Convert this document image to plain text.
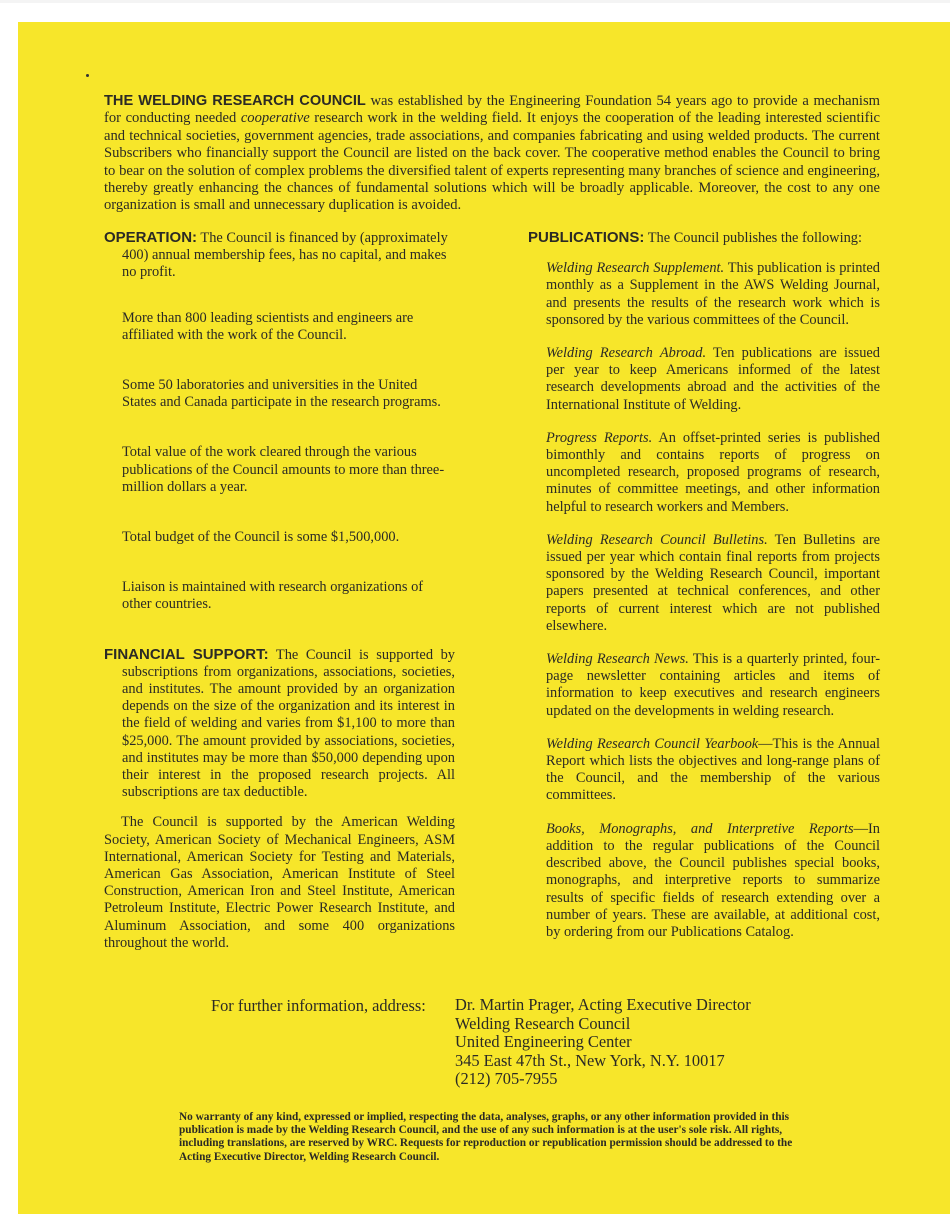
THE WELDING RESEARCH COUNCIL was established by the Engineering Foundation 54 years ago to provide a mechanism for conducting needed cooperative research work in the welding field. It enjoys the cooperation of the leading interested scientific and technical societies, government agencies, trade associations, and companies fabricating and using welded products. The current Subscribers who financially support the Council are listed on the back cover. The cooperative method enables the Council to bring to bear on the solution of complex problems the diversified talent of experts representing many branches of science and engineering, thereby greatly enhancing the chances of fundamental solutions which will be broadly applicable. Moreover, the cost to any one organization is small and unnecessary duplication is avoided.

OPERATION: The Council is financed by (approximately 400) annual membership fees, has no capital, and makes no profit.

More than 800 leading scientists and engineers are affiliated with the work of the Council.

Some 50 laboratories and universities in the United States and Canada participate in the research programs.

Total value of the work cleared through the various publications of the Council amounts to more than three-million dollars a year.

Total budget of the Council is some $1,500,000.

Liaison is maintained with research organizations of other countries.

FINANCIAL SUPPORT: The Council is supported by subscriptions from organizations, associations, societies, and institutes. The amount provided by an organization depends on the size of the organization and its interest in the field of welding and varies from $1,100 to more than $25,000. The amount provided by associations, societies, and institutes may be more than $50,000 depending upon their interest in the proposed research projects. All subscriptions are tax deductible.

The Council is supported by the American Welding Society, American Society of Mechanical Engineers, ASM International, American Society for Testing and Materials, American Gas Association, American Institute of Steel Construction, American Iron and Steel Institute, American Petroleum Institute, Electric Power Research Institute, and Aluminum Association, and some 400 organizations throughout the world.

PUBLICATIONS: The Council publishes the following:

Welding Research Supplement. This publication is printed monthly as a Supplement in the AWS Welding Journal, and presents the results of the research work which is sponsored by the various committees of the Council.

Welding Research Abroad. Ten publications are issued per year to keep Americans informed of the latest research developments abroad and the activities of the International Institute of Welding.

Progress Reports. An offset-printed series is published bimonthly and contains reports of progress on uncompleted research, proposed programs of research, minutes of committee meetings, and other information helpful to research workers and Members.

Welding Research Council Bulletins. Ten Bulletins are issued per year which contain final reports from projects sponsored by the Welding Research Council, important papers presented at technical conferences, and other reports of current interest which are not published elsewhere.

Welding Research News. This is a quarterly printed, four-page newsletter containing articles and items of information to keep executives and research engineers updated on the developments in welding research.

Welding Research Council Yearbook—This is the Annual Report which lists the objectives and long-range plans of the Council, and the membership of the various committees.

Books, Monographs, and Interpretive Reports—In addition to the regular publications of the Council described above, the Council publishes special books, monographs, and interpretive reports to summarize results of specific fields of research extending over a number of years. These are available, at additional cost, by ordering from our Publications Catalog.

For further information, address: Dr. Martin Prager, Acting Executive Director
Welding Research Council
United Engineering Center
345 East 47th St., New York, N.Y. 10017
(212) 705-7955

No warranty of any kind, expressed or implied, respecting the data, analyses, graphs, or any other information provided in this publication is made by the Welding Research Council, and the use of any such information is at the user's sole risk. All rights, including translations, are reserved by WRC. Requests for reproduction or republication permission should be addressed to the Acting Executive Director, Welding Research Council.
